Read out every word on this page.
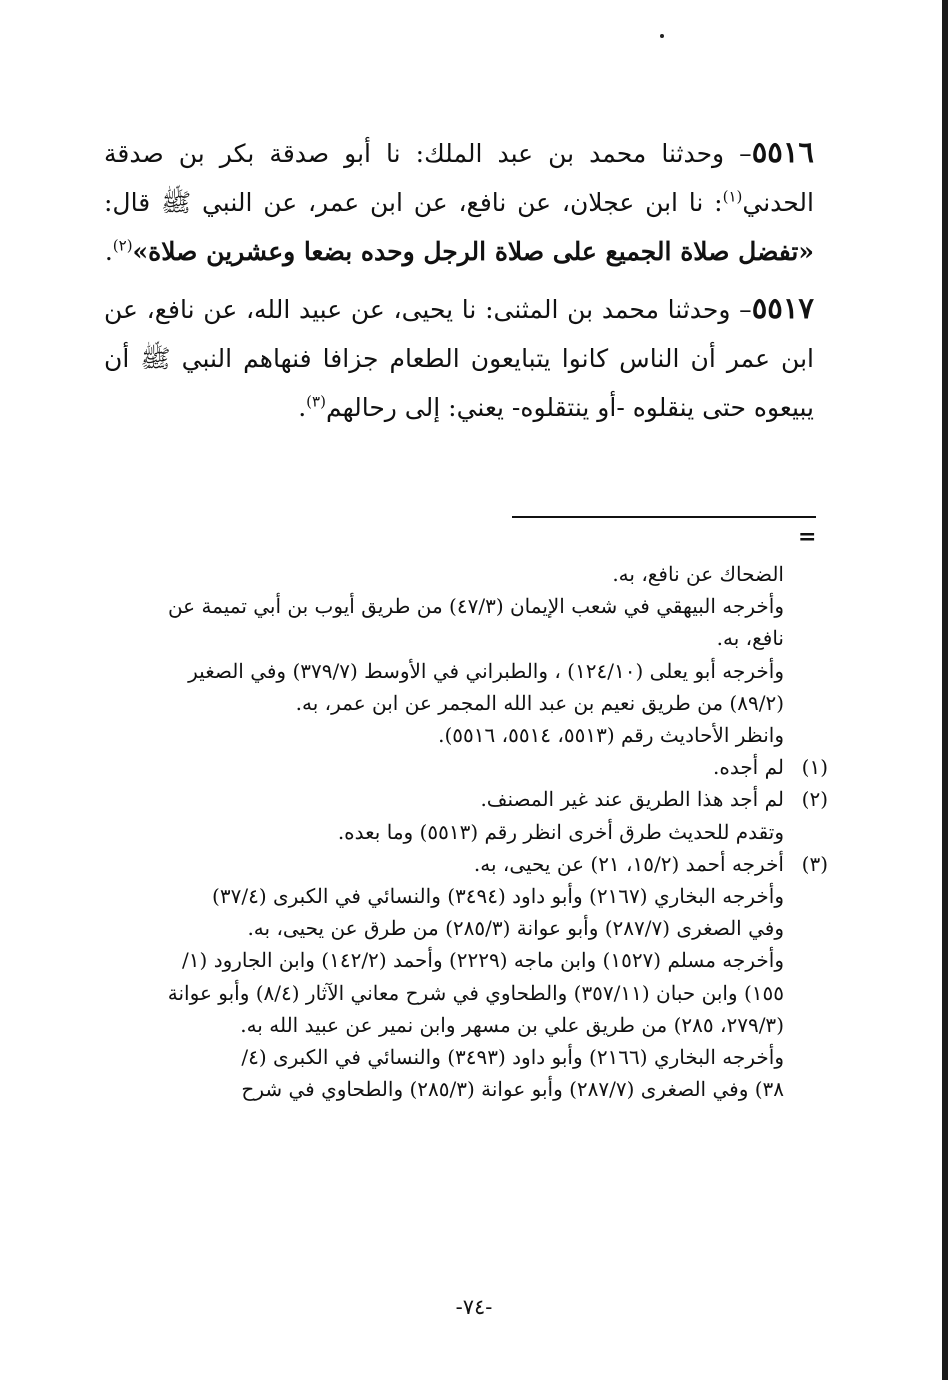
٥٥١٦– وحدثنا محمد بن عبد الملك: نا أبو صدقة بكر بن صدقة الحدني$^{(١)}$: نا ابن عجلان، عن نافع، عن ابن عمر، عن النبي ﷺ قال: «تفضل صلاة الجميع على صلاة الرجل وحده بضعا وعشرين صلاة»$^{(٢)}$.

٥٥١٧– وحدثنا محمد بن المثنى: نا يحيى، عن عبيد الله، عن نافع، عن ابن عمر أن الناس كانوا يتبايعون الطعام جزافا فنهاهم النبي ﷺ أن يبيعوه حتى ينقلوه -أو ينتقلوه- يعني: إلى رحالهم$^{(٣)}$.

=

الضحاك عن نافع، به.

وأخرجه البيهقي في شعب الإيمان (٤٧/٣) من طريق أيوب بن أبي تميمة عن

نافع، به.

وأخرجه أبو يعلى (١٢٤/١٠) ، والطبراني في الأوسط (٣٧٩/٧) وفي الصغير

(٨٩/٢) من طريق نعيم بن عبد الله المجمر عن ابن عمر، به.

وانظر الأحاديث رقم (٥٥١٣، ٥٥١٤، ٥٥١٦).

(١)لم أجده.

(٢)لم أجد هذا الطريق عند غير المصنف.

وتقدم للحديث طرق أخرى انظر رقم (٥٥١٣) وما بعده.

(٣)أخرجه أحمد (١٥/٢، ٢١) عن يحيى، به.

وأخرجه البخاري (٢١٦٧) وأبو داود (٣٤٩٤) والنسائي في الكبرى (٣٧/٤)

وفي الصغرى (٢٨٧/٧) وأبو عوانة (٢٨٥/٣) من طرق عن يحيى، به.

وأخرجه مسلم (١٥٢٧) وابن ماجه (٢٢٢٩) وأحمد (١٤٢/٢) وابن الجارود (١/

١٥٥) وابن حبان (٣٥٧/١١) والطحاوي في شرح معاني الآثار (٨/٤) وأبو عوانة

(٢٧٩/٣، ٢٨٥) من طريق علي بن مسهر وابن نمير عن عبيد الله به.

وأخرجه البخاري (٢١٦٦) وأبو داود (٣٤٩٣) والنسائي في الكبرى (٤/

٣٨) وفي الصغرى (٢٨٧/٧) وأبو عوانة (٢٨٥/٣) والطحاوي في شرح

-٧٤-
